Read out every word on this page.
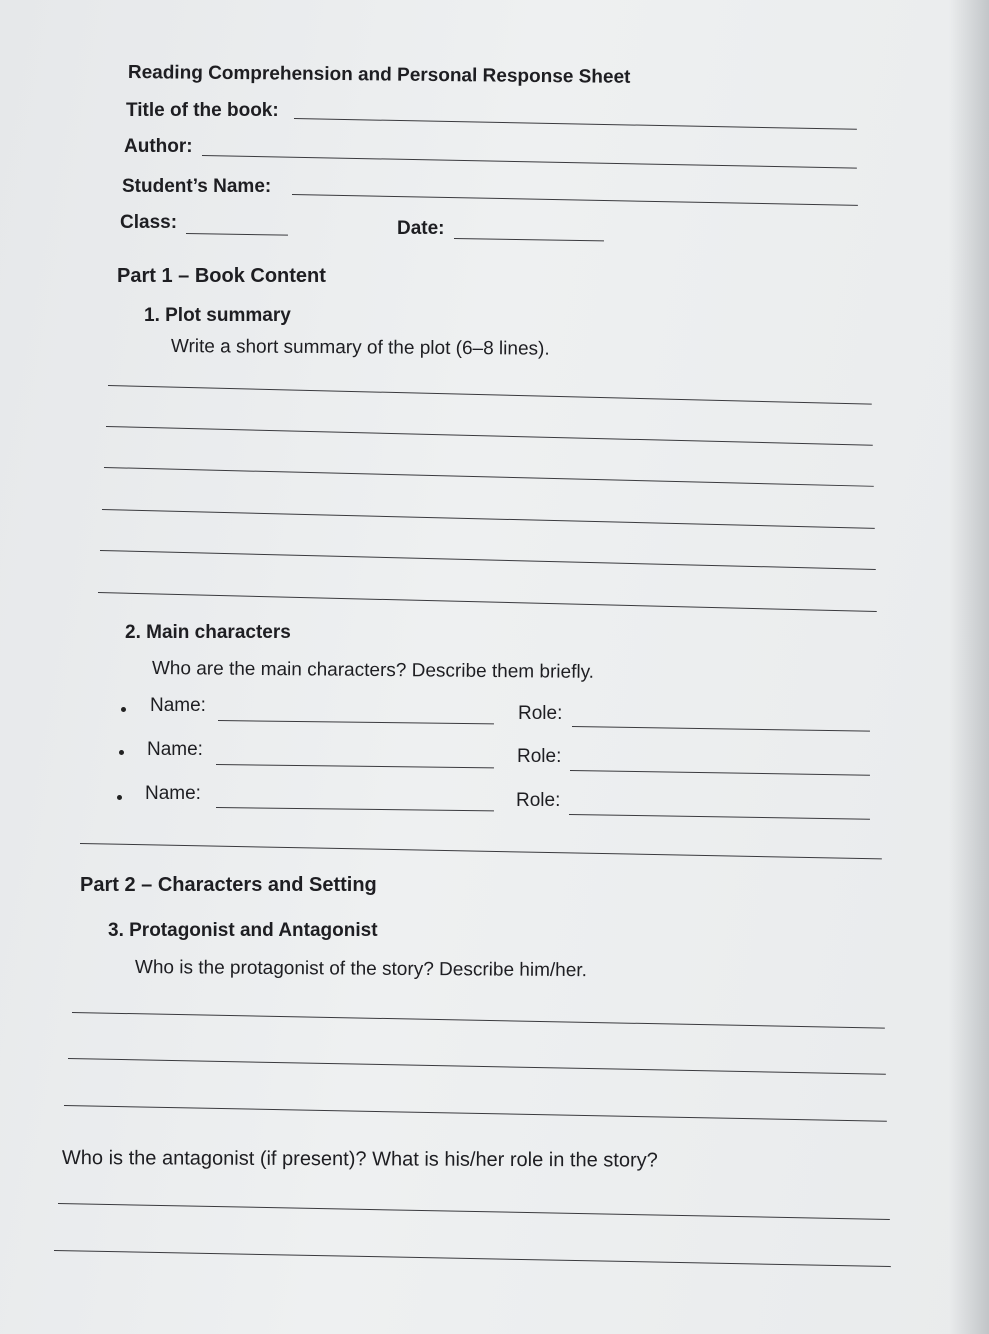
Reading Comprehension and Personal Response Sheet
Title of the book:
Author:
Student’s Name:
Class:	Date:
Part 1 – Book Content
1. Plot summary
Write a short summary of the plot (6–8 lines).
2. Main characters
Who are the main characters? Describe them briefly.
Name:	Role:
Name:	Role:
Name:	Role:
Part 2 – Characters and Setting
3. Protagonist and Antagonist
Who is the protagonist of the story? Describe him/her.
Who is the antagonist (if present)? What is his/her role in the story?
